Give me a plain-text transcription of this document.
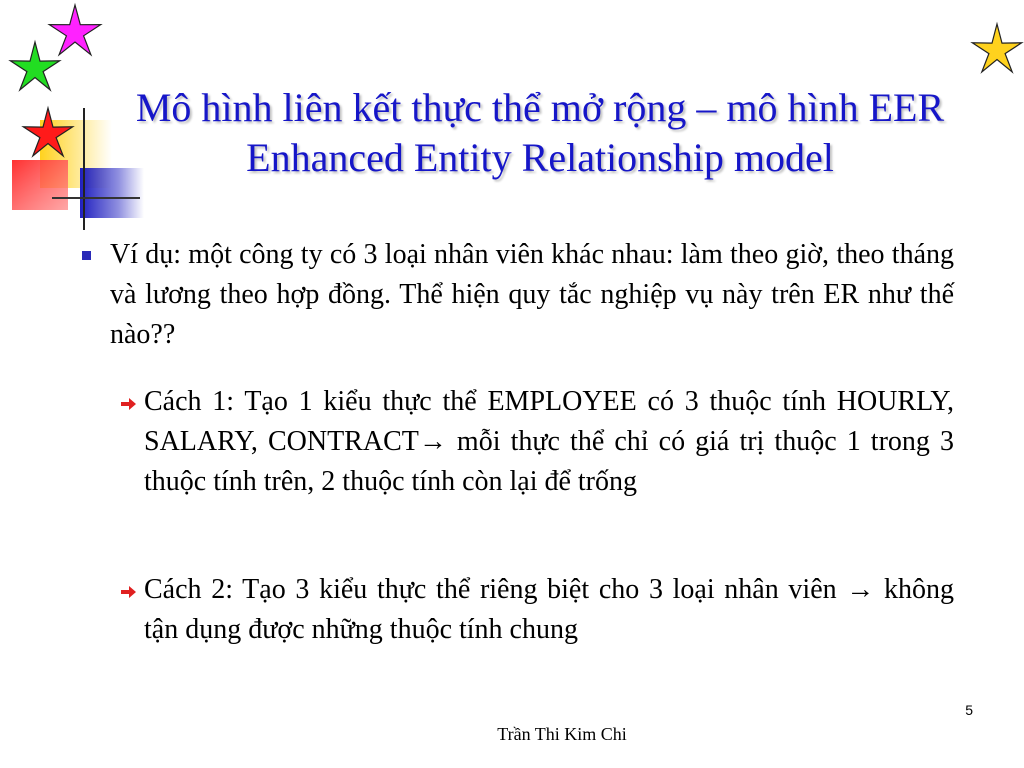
Mô hình liên kết thực thể mở rộng – mô hình EER
Enhanced Entity Relationship model
Ví dụ: một công ty có 3 loại nhân viên khác nhau: làm theo giờ, theo tháng và lương theo hợp đồng. Thể hiện quy tắc nghiệp vụ này trên ER như thế nào??
Cách 1: Tạo 1 kiểu thực thể EMPLOYEE có 3 thuộc tính HOURLY, SALARY, CONTRACT→ mỗi thực thể chỉ có giá trị thuộc 1 trong 3 thuộc tính trên, 2 thuộc tính còn lại để trống
Cách 2: Tạo 3 kiểu thực thể riêng biệt cho 3 loại nhân viên → không tận dụng được những thuộc tính chung
5
Trần Thi Kim Chi
